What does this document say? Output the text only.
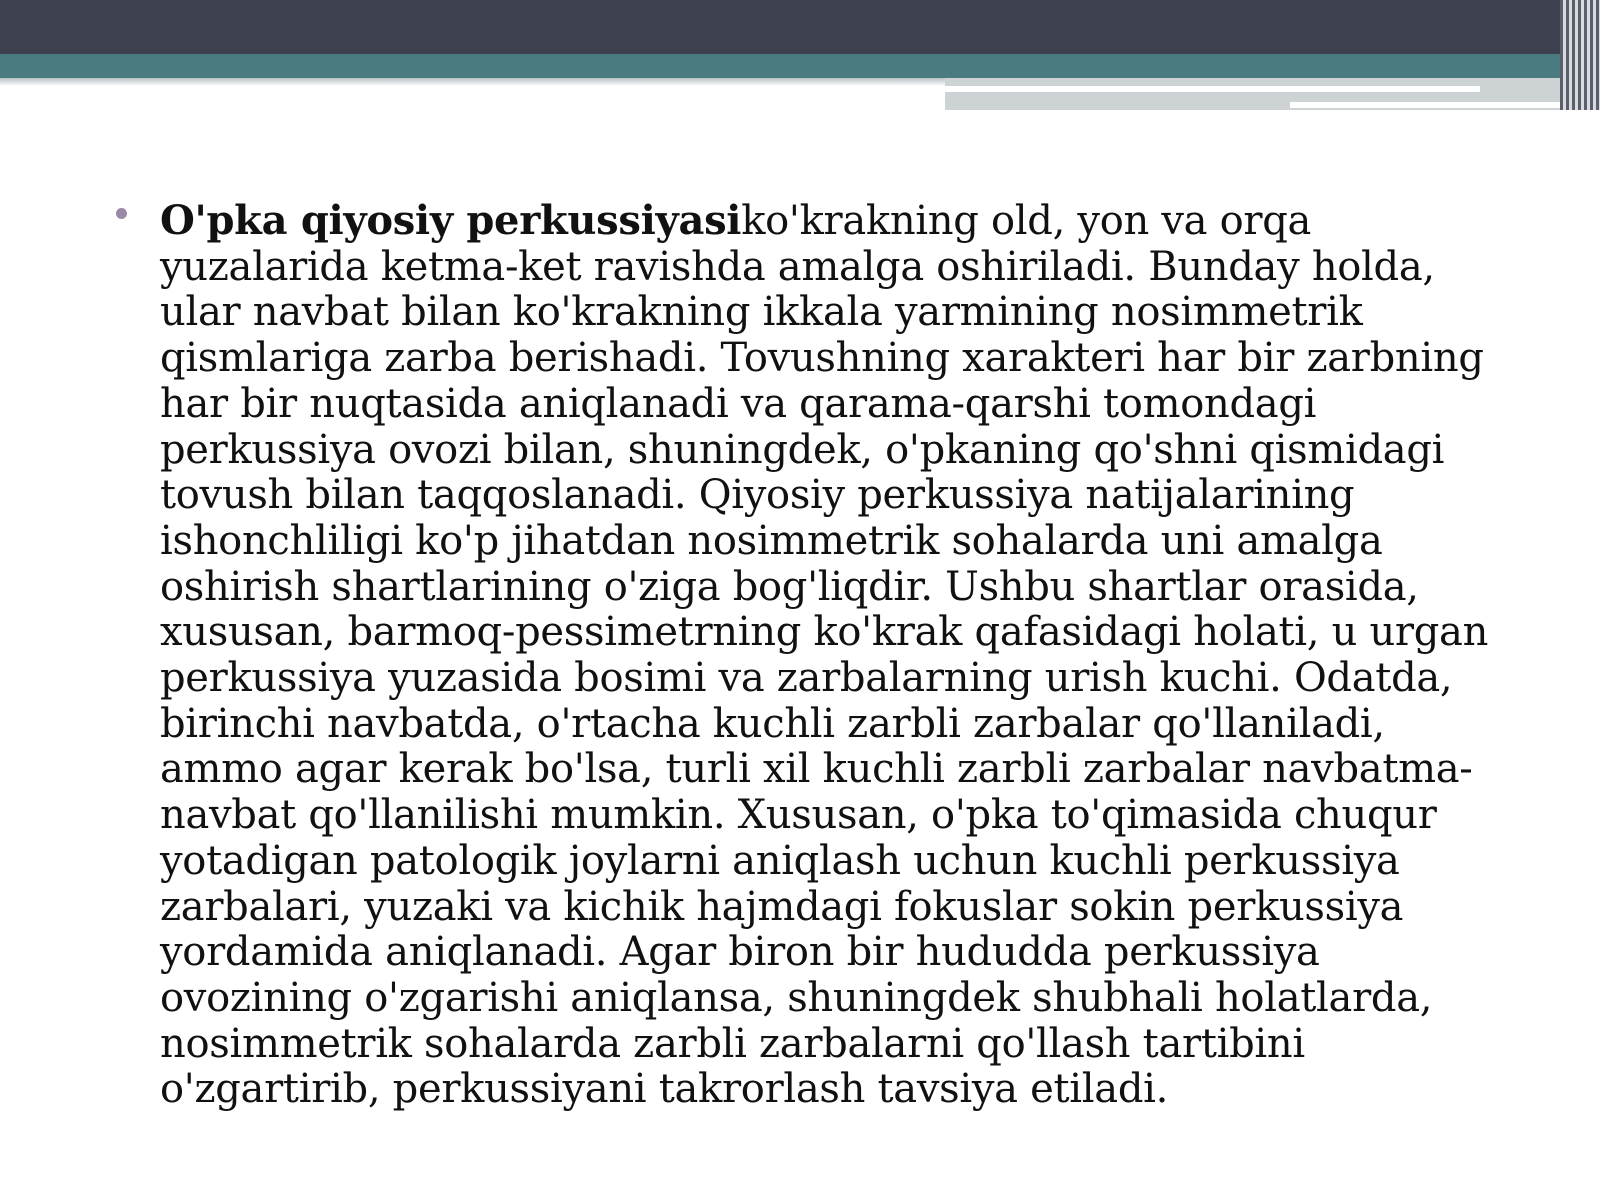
O'pka qiyosiy perkussiyasiko'krakning old, yon va orqa yuzalarida ketma-ket ravishda amalga oshiriladi. Bunday holda, ular navbat bilan ko'krakning ikkala yarmining nosimmetrik qismlariga zarba berishadi. Tovushning xarakteri har bir zarbning har bir nuqtasida aniqlanadi va qarama-qarshi tomondagi perkussiya ovozi bilan, shuningdek, o'pkaning qo'shni qismidagi tovush bilan taqqoslanadi. Qiyosiy perkussiya natijalarining ishonchliligi ko'p jihatdan nosimmetrik sohalarda uni amalga oshirish shartlarining o'ziga bog'liqdir. Ushbu shartlar orasida, xususan, barmoq-pessimetrning ko'krak qafasidagi holati, u urgan perkussiya yuzasida bosimi va zarbalarning urish kuchi. Odatda, birinchi navbatda, o'rtacha kuchli zarbli zarbalar qo'llaniladi, ammo agar kerak bo'lsa, turli xil kuchli zarbli zarbalar navbatma-navbat qo'llanilishi mumkin. Xususan, o'pka to'qimasida chuqur yotadigan patologik joylarni aniqlash uchun kuchli perkussiya zarbalari, yuzaki va kichik hajmdagi fokuslar sokin perkussiya yordamida aniqlanadi. Agar biron bir hududda perkussiya ovozining o'zgarishi aniqlansa, shuningdek shubhali holatlarda, nosimmetrik sohalarda zarbli zarbalarni qo'llash tartibini o'zgartirib, perkussiyani takrorlash tavsiya etiladi.
